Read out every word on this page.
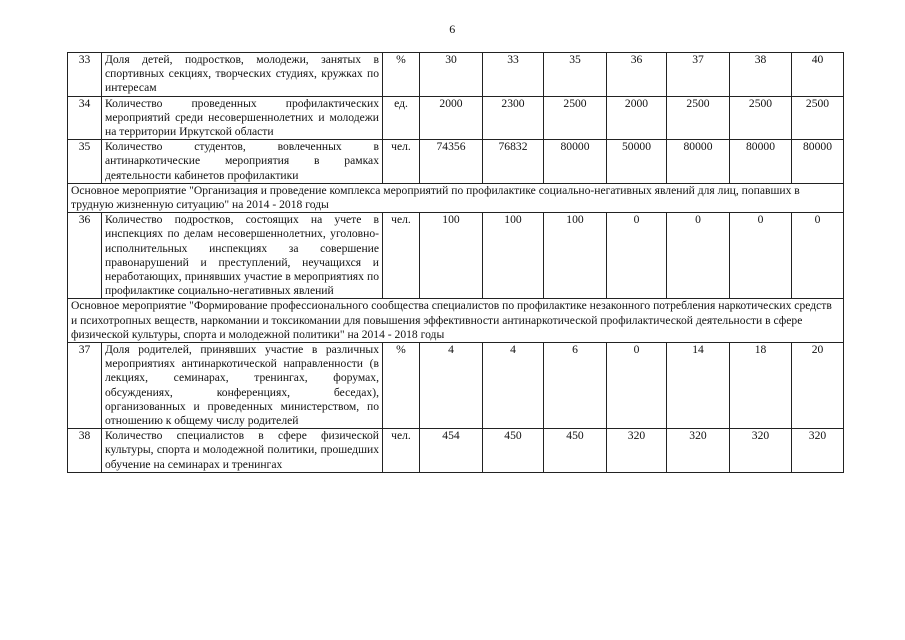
6
33	Доля детей, подростков, молодежи, занятых в спортивных секциях, творческих студиях, кружках по интересам	%	30	33	35	36	37	38	40
34	Количество проведенных профилактических мероприятий среди несовершеннолетних и молодежи на территории Иркутской области	ед.	2000	2300	2500	2000	2500	2500	2500
35	Количество студентов, вовлеченных в антинаркотические мероприятия в рамках деятельности кабинетов профилактики	чел.	74356	76832	80000	50000	80000	80000	80000
Основное мероприятие "Организация и проведение комплекса мероприятий по профилактике социально-негативных явлений для лиц, попавших в трудную жизненную ситуацию" на 2014 - 2018 годы									
36	Количество подростков, состоящих на учете в инспекциях по делам несовершеннолетних, уголовно-исполнительных инспекциях за совершение правонарушений и преступлений, неучащихся и неработающих, принявших участие в мероприятиях по профилактике социально-негативных явлений	чел.	100	100	100	0	0	0	0
Основное мероприятие "Формирование профессионального сообщества специалистов по профилактике незаконного потребления наркотических средств и психотропных веществ, наркомании и токсикомании для повышения эффективности антинаркотической профилактической деятельности в сфере физической культуры, спорта и молодежной политики" на 2014 - 2018 годы									
37	Доля родителей, принявших участие в различных мероприятиях антинаркотической направленности (в лекциях, семинарах, тренингах, форумах, обсуждениях, конференциях, беседах), организованных и проведенных министерством, по отношению к общему числу родителей	%	4	4	6	0	14	18	20
38	Количество специалистов в сфере физической культуры, спорта и молодежной политики, прошедших обучение на семинарах и тренингах	чел.	454	450	450	320	320	320	320
